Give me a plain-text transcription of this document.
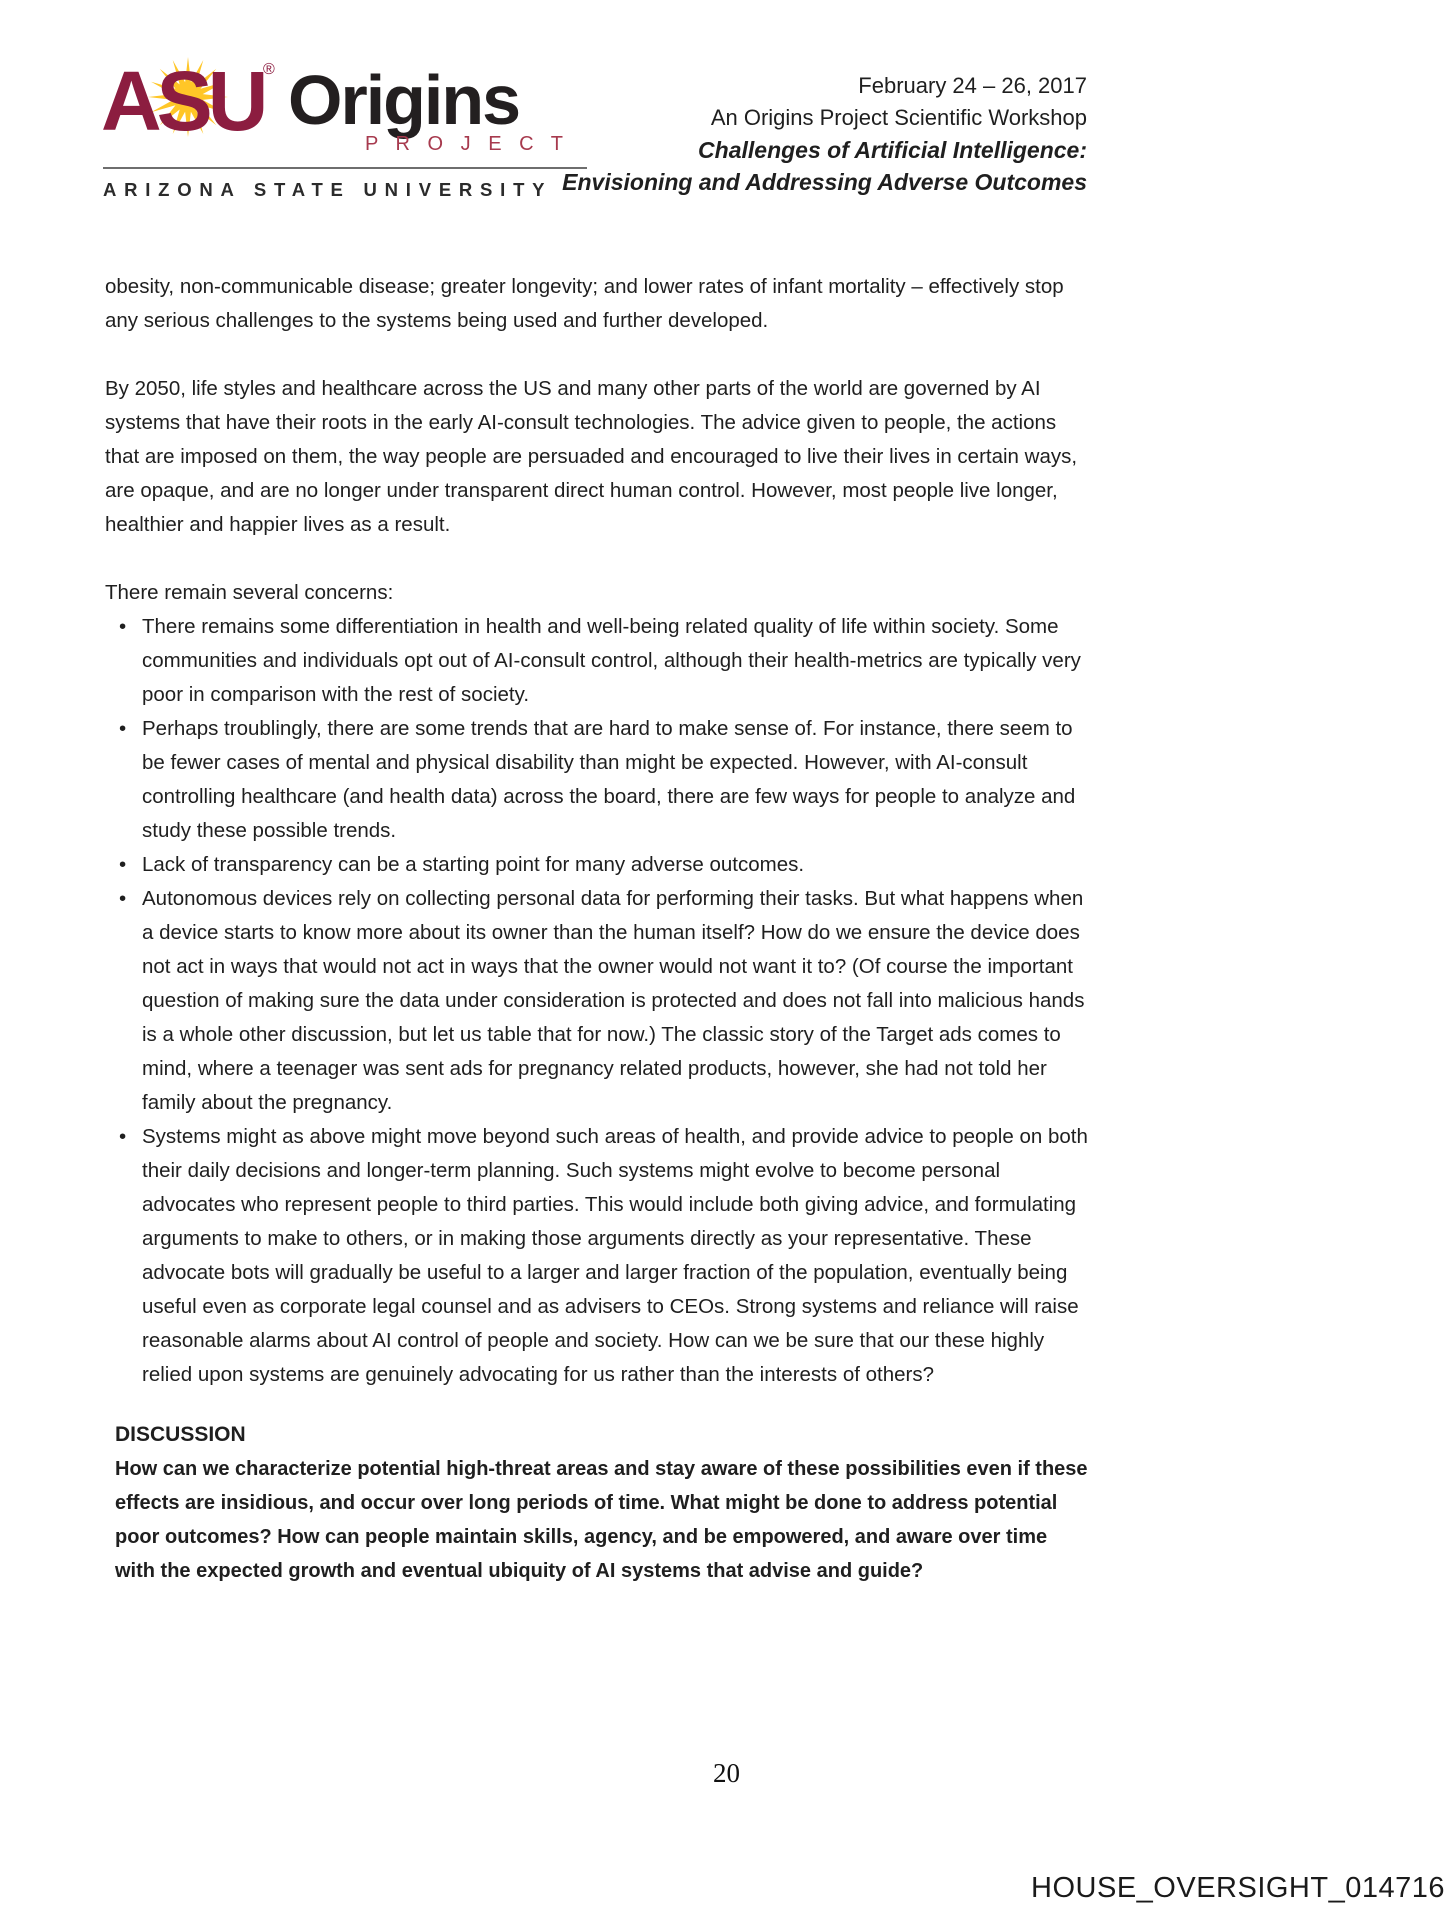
ASU ® Origins
P R O J E C T
ARIZONA STATE UNIVERSITY
February 24 – 26, 2017
An Origins Project Scientific Workshop
Challenges of Artificial Intelligence:
Envisioning and Addressing Adverse Outcomes

obesity, non-communicable disease; greater longevity; and lower rates of infant mortality – effectively stop any serious challenges to the systems being used and further developed.

By 2050, life styles and healthcare across the US and many other parts of the world are governed by AI systems that have their roots in the early AI-consult technologies. The advice given to people, the actions that are imposed on them, the way people are persuaded and encouraged to live their lives in certain ways, are opaque, and are no longer under transparent direct human control. However, most people live longer, healthier and happier lives as a result.

There remain several concerns:

• There remains some differentiation in health and well-being related quality of life within society. Some communities and individuals opt out of AI-consult control, although their health-metrics are typically very poor in comparison with the rest of society.
• Perhaps troublingly, there are some trends that are hard to make sense of. For instance, there seem to be fewer cases of mental and physical disability than might be expected. However, with AI-consult controlling healthcare (and health data) across the board, there are few ways for people to analyze and study these possible trends.
• Lack of transparency can be a starting point for many adverse outcomes.
• Autonomous devices rely on collecting personal data for performing their tasks. But what happens when a device starts to know more about its owner than the human itself? How do we ensure the device does not act in ways that would not act in ways that the owner would not want it to? (Of course the important question of making sure the data under consideration is protected and does not fall into malicious hands is a whole other discussion, but let us table that for now.) The classic story of the Target ads comes to mind, where a teenager was sent ads for pregnancy related products, however, she had not told her family about the pregnancy.
• Systems might as above might move beyond such areas of health, and provide advice to people on both their daily decisions and longer-term planning. Such systems might evolve to become personal advocates who represent people to third parties. This would include both giving advice, and formulating arguments to make to others, or in making those arguments directly as your representative. These advocate bots will gradually be useful to a larger and larger fraction of the population, eventually being useful even as corporate legal counsel and as advisers to CEOs. Strong systems and reliance will raise reasonable alarms about AI control of people and society. How can we be sure that our these highly relied upon systems are genuinely advocating for us rather than the interests of others?
DISCUSSION

How can we characterize potential high-threat areas and stay aware of these possibilities even if these effects are insidious, and occur over long periods of time. What might be done to address potential poor outcomes? How can people maintain skills, agency, and be empowered, and aware over time with the expected growth and eventual ubiquity of AI systems that advise and guide?

20
HOUSE_OVERSIGHT_014716
